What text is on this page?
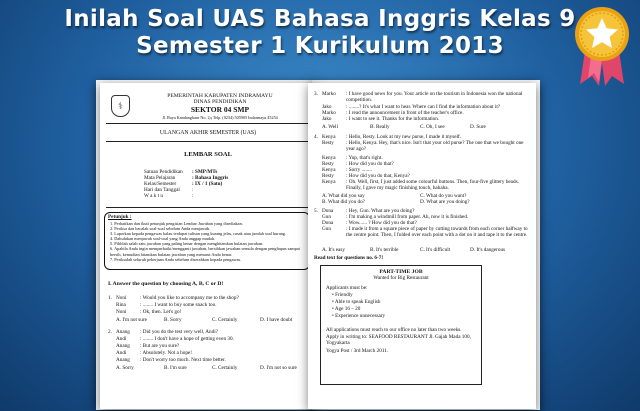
Inilah Soal UAS Bahasa Inggris Kelas 9
Semester 1 Kurikulum 2013
⚕
PEMERINTAH KABUPATEN INDRAMAYU
DINAS PENDIDIKAN
SEKTOR 04 SMP
Jl. Raya Kandanghaur No. 2д Telp. (0234) 505905 Indramayu 45254
ULANGAN AKHIR SEMESTER (UAS)
LEMBAR SOAL
Satuan Pendidikan : SMP/MTs
Mata Pelajaran	: Bahasa Inggris
Kelas/Semester	: IX / 1 (Satu)
Hari dan Tanggal :
W a k t u	:
Petunjuk :
1. Perhatikan dan ikuti petunjuk pengisian Lembar Jawaban yang disediakan.
2. Periksa dan bacalah soal-soal sebelum Anda menjawab.
3. Laporkan kepada pengawas kalau terdapat tulisan yang kurang jelas, rusak atau jumlah soal kurang.
4. Dahulukan menjawab soal-soal yang Anda anggap mudah.
5. Pilihlah salah satu jawaban yang paling benar dengan menghitamkan bulatan jawaban.
6. Apabila Anda ingin memperbaiki/mengganti jawaban, bersihkan jawaban semula dengan penghapus sampai bersih, kemudian hitamkan bulatan jawaban yang menurut Anda benar.
7. Periksalah seluruh pekerjaan Anda sebelum diserahkan kepada pengawas.
I. Answer the question by choosing A, B, C or D!
1. Noni	: Would you like to accompany me to the shop?
Rina	: ........ I want to buy some snack too.
Noni	: Ok, then. Let's go!
A. I'm not sure	B. Sorry	C. Certainly	D. I have doubt
2. Anang : Did you do the test very well, Andi?
Andi	: ........ I don't have a hope of getting even 30.
Anang : But are you sure?
Andi	: Absolutely. Not a hope!
Anang : Don't worry too much. Next time better.
A. Sorry	B. I'm sure	C. Certainly	D. I'm not so sure
3. Marko : I have good news for you. Your article on the tourism in Indonesia won the national competition.
Jako	: ........? It's what I want to hear. Where can I find the information about it?
Marko : I read the announcement in front of the teacher's office.
Jako	: I want to see it. Thanks for the information.
A. Well	B. Really	C. Oh, I see	D. Sure
4. Kenya : Hello, Resty. Look at my new purse, I made it myself.
Resty : Hello, Kenya. Hey, that's nice. Isn't that your old purse? The one that we bought one year ago?
Kenya : Yup, that's right.
Resty : How did you do that?
Kenya : Sorry ........
Resty : How did you do that, Kenya?
Kenya : Oh. Well, first, I just added some colourful buttons. Then, four-five glittery beads. Finally, I gave my magic finishing touch, hahaha.
A. What did you say	C. What do you want?
B. What did you do?	D. What are you doing?
5. Dona : Hey, Gun. What are you doing?
Gun	: I'm making a windmill from paper. Ah, now it is finished.
Dona : Wow...... ? How did you do that?
Gun	: I made it from a square piece of paper by cutting towards from each corner halfway to the centre point. Then, I folded over each point with a dot on it and tape it to the centre.
A. It's easy	B. It's terrible	C. It's difficult	D. It's dangerous
Read text for questions no. 6-7!
PART-TIME JOB
Wanted for Big Restaurant
Applicants must be:
• Friendly
• Able to speak English
• Age 16 – 20
• Experience unnecessary
All applications must reach to our office no later than two weeks.
Apply in writing to: SEAFOOD RESTAURANT Jl. Gajah Mada 100, Yogyakarta
Yogya Post / 3rd March 2011.
